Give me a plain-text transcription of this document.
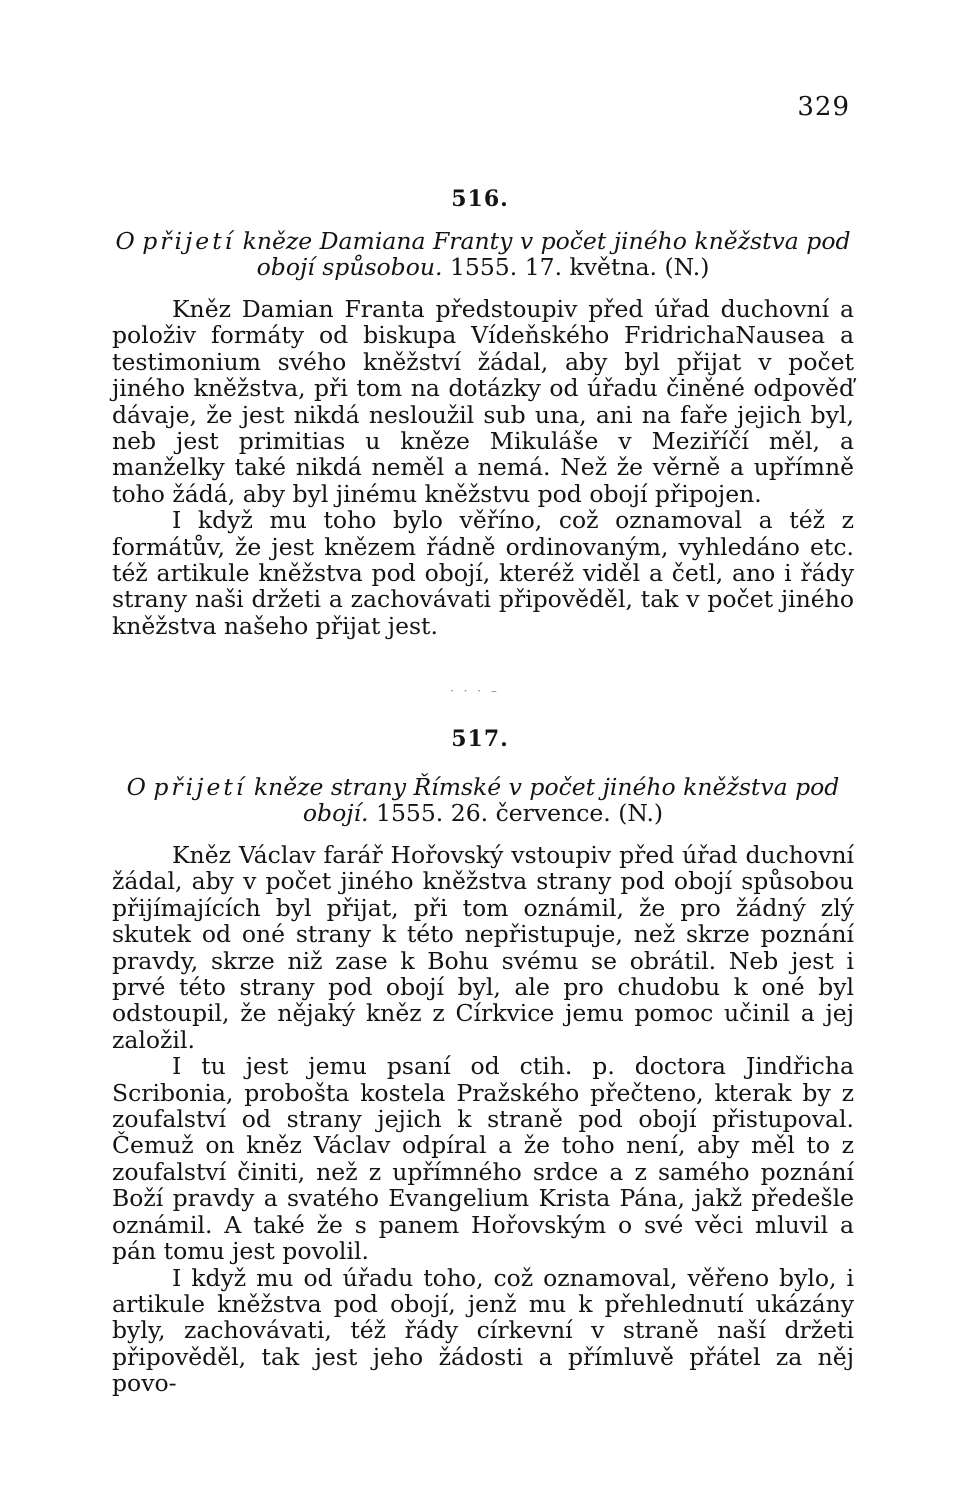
329
516.
O přijetí kněze Damiana Franty v počet jiného kněžstva pod obojí spůsobou. 1555. 17. května. (N.)

Kněz Damian Franta předstoupiv před úřad duchovní a položiv formáty od biskupa Vídeňského FridrichaNausea a testimonium svého kněžství žádal, aby byl přijat v počet jiného kněžstva, při tom na dotázky od úřadu činěné odpověď dávaje, že jest nikdá nesloužil sub una, ani na faře jejich byl, neb jest primitias u kněze Mikuláše v Meziříčí měl, a manželky také nikdá neměl a nemá. Než že věrně a upřímně toho žádá, aby byl jinému kněžstvu pod obojí připojen.

I když mu toho bylo věříno, což oznamoval a též z formátův, že jest knězem řádně ordinovaným, vyhledáno etc. též artikule kněžstva pod obojí, kteréž viděl a četl, ano i řády strany naši držeti a zachovávati připověděl, tak v počet jiného kněžstva našeho přijat jest.

· · · –
517.
O přijetí kněze strany Římské v počet jiného kněžstva pod obojí. 1555. 26. července. (N.)

Kněz Václav farář Hořovský vstoupiv před úřad duchovní žádal, aby v počet jiného kněžstva strany pod obojí spůsobou přijímajících byl přijat, při tom oznámil, že pro žádný zlý skutek od oné strany k této nepřistupuje, než skrze poznání pravdy, skrze niž zase k Bohu svému se obrátil. Neb jest i prvé této strany pod obojí byl, ale pro chudobu k oné byl odstoupil, že nějaký kněz z Církvice jemu pomoc učinil a jej založil.

I tu jest jemu psaní od ctih. p. doctora Jindřicha Scribonia, probošta kostela Pražského přečteno, kterak by z zoufalství od strany jejich k straně pod obojí přistupoval. Čemuž on kněz Václav odpíral a že toho není, aby měl to z zoufalství činiti, než z upřímného srdce a z samého poznání Boží pravdy a svatého Evangelium Krista Pána, jakž předešle oznámil. A také že s panem Hořovským o své věci mluvil a pán tomu jest povolil.

I když mu od úřadu toho, což oznamoval, věřeno bylo, i artikule kněžstva pod obojí, jenž mu k přehlednutí ukázány byly, zachovávati, též řády církevní v straně naší držeti připověděl, tak jest jeho žádosti a přímluvě přátel za něj povo-
